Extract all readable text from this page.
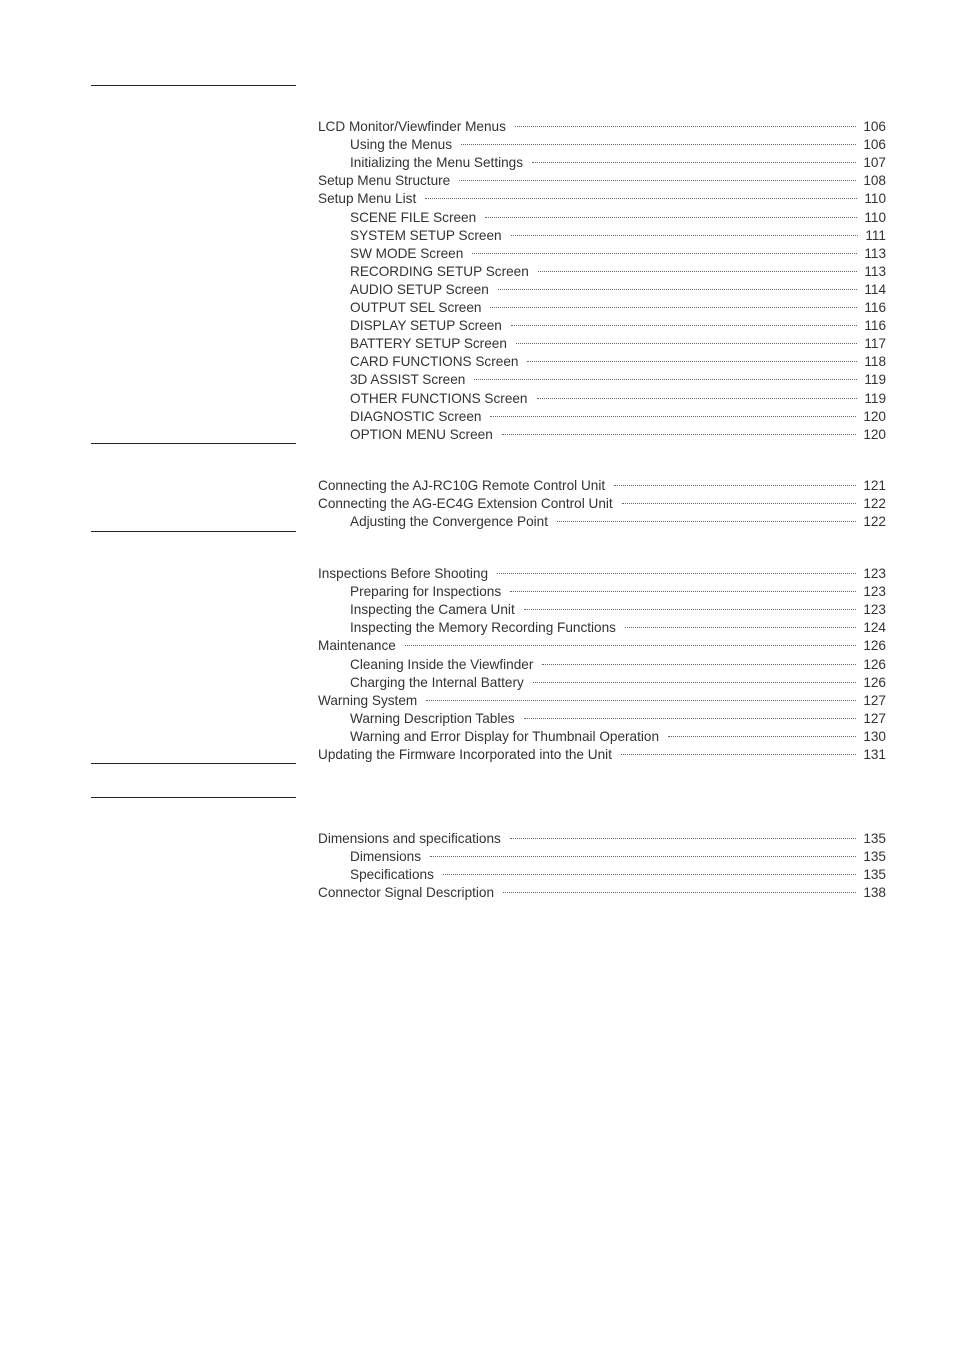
LCD Monitor/Viewfinder Menus	106
Using the Menus	106
Initializing the Menu Settings	107
Setup Menu Structure	108
Setup Menu List	110
SCENE FILE Screen	110
SYSTEM SETUP Screen	111
SW MODE Screen	113
RECORDING SETUP Screen	113
AUDIO SETUP Screen	114
OUTPUT SEL Screen	116
DISPLAY SETUP Screen	116
BATTERY SETUP Screen	117
CARD FUNCTIONS Screen	118
3D ASSIST Screen	119
OTHER FUNCTIONS Screen	119
DIAGNOSTIC Screen	120
OPTION MENU Screen	120
Connecting the AJ-RC10G Remote Control Unit	121
Connecting the AG-EC4G Extension Control Unit	122
Adjusting the Convergence Point	122
Inspections Before Shooting	123
Preparing for Inspections	123
Inspecting the Camera Unit	123
Inspecting the Memory Recording Functions	124
Maintenance	126
Cleaning Inside the Viewfinder	126
Charging the Internal Battery	126
Warning System	127
Warning Description Tables	127
Warning and Error Display for Thumbnail Operation	130
Updating the Firmware Incorporated into the Unit	131
Dimensions and specifications	135
Dimensions	135
Specifications	135
Connector Signal Description	138
